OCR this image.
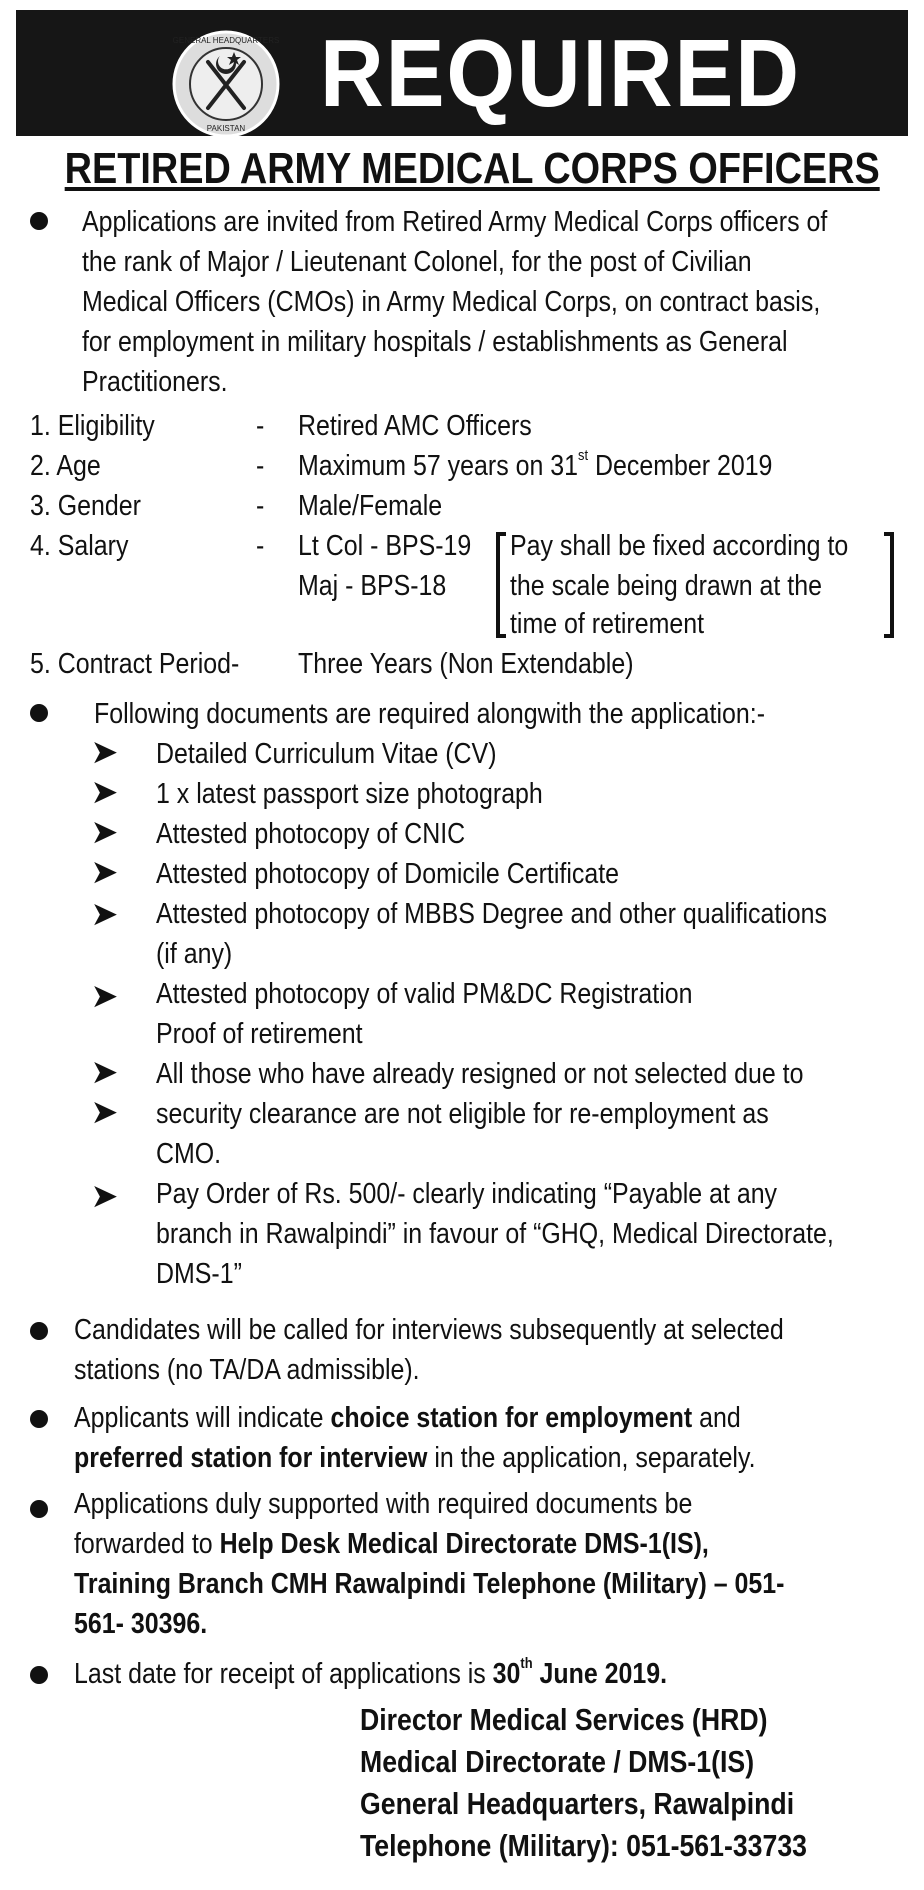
GENERAL HEADQUARTERS
PAKISTAN
REQUIRED
RETIRED ARMY MEDICAL CORPS OFFICERS
Applications are invited from Retired Army Medical Corps officers of
the rank of Major / Lieutenant Colonel, for the post of Civilian
Medical Officers (CMOs) in Army Medical Corps, on contract basis,
for employment in military hospitals / establishments as General
Practitioners.
1. Eligibility	- Retired AMC Officers
2. Age	- Maximum 57 years on 31st December 2019
3. Gender	- Male/Female
4. Salary	- Lt Col - BPS-19
Maj - BPS-18
Pay shall be fixed according to
the scale being drawn at the
time of retirement
5. Contract Period- Three Years (Non Extendable)
Following documents are required alongwith the application:-
➤ Detailed Curriculum Vitae (CV)
➤ 1 x latest passport size photograph
➤ Attested photocopy of CNIC
➤ Attested photocopy of Domicile Certificate
➤ Attested photocopy of MBBS Degree and other qualifications
(if any)
➤ Attested photocopy of valid PM&DC Registration
Proof of retirement
➤ All those who have already resigned or not selected due to
➤ security clearance are not eligible for re-employment as
CMO.
➤ Pay Order of Rs. 500/- clearly indicating “Payable at any
branch in Rawalpindi” in favour of “GHQ, Medical Directorate,
DMS-1”
Candidates will be called for interviews subsequently at selected
stations (no TA/DA admissible).
Applicants will indicate choice station for employment and
preferred station for interview in the application, separately.
Applications duly supported with required documents be
forwarded to Help Desk Medical Directorate DMS-1(IS),
Training Branch CMH Rawalpindi Telephone (Military) – 051-
561- 30396.
Last date for receipt of applications is 30th June 2019.
Director Medical Services (HRD)
Medical Directorate / DMS-1(IS)
General Headquarters, Rawalpindi
Telephone (Military): 051-561-33733
